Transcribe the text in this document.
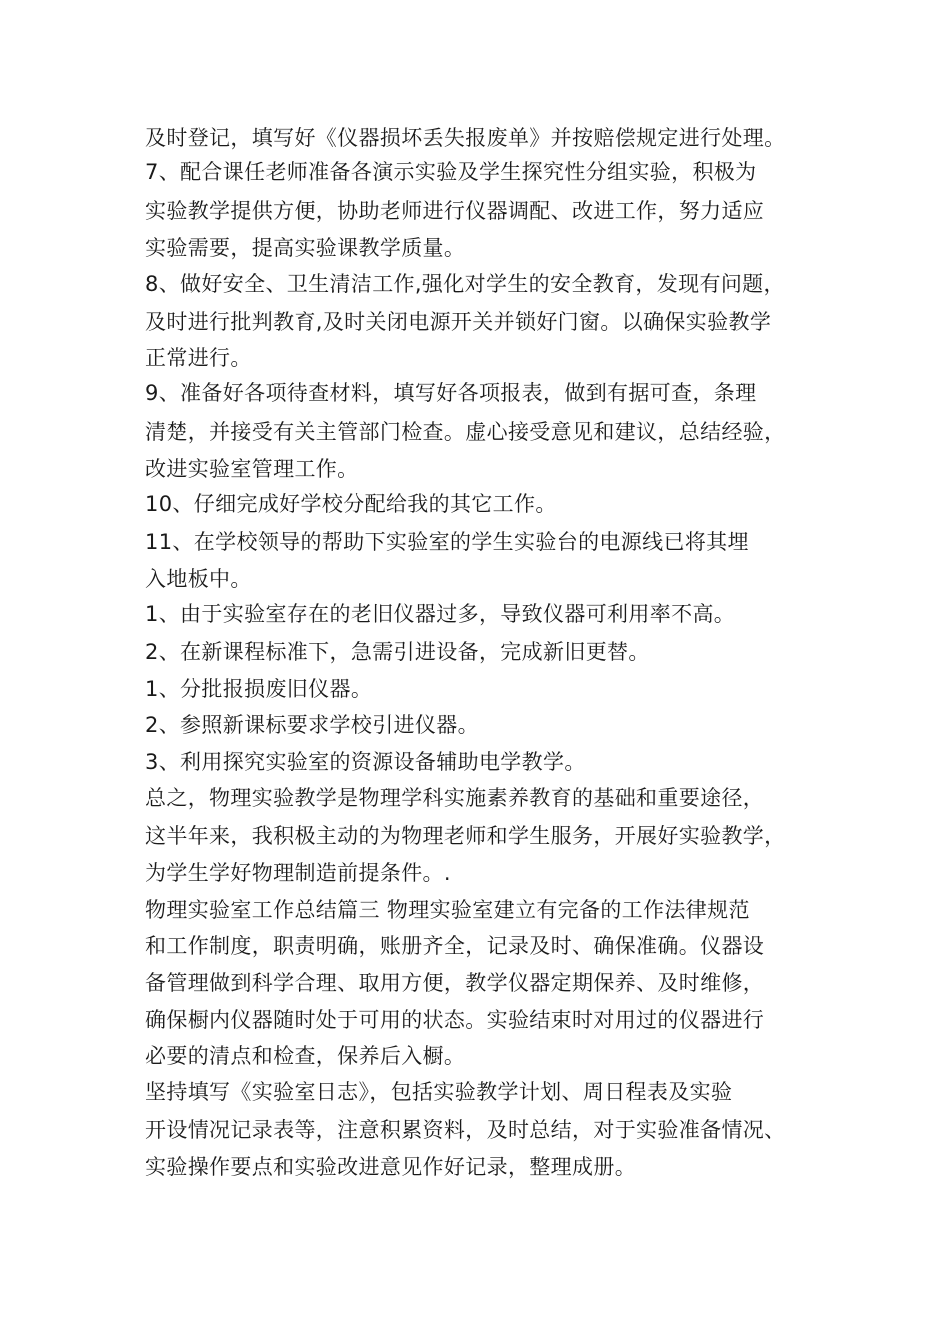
及时登记，填写好《仪器损坏丢失报废单》并按赔偿规定进行处理。

7、配合课任老师准备各演示实验及学生探究性分组实验，积极为

实验教学提供方便，协助老师进行仪器调配、改进工作，努力适应

实验需要，提高实验课教学质量。

8、做好安全、卫生清洁工作,强化对学生的安全教育，发现有问题，

及时进行批判教育,及时关闭电源开关并锁好门窗。以确保实验教学

正常进行。

9、准备好各项待查材料，填写好各项报表，做到有据可查，条理

清楚，并接受有关主管部门检查。虚心接受意见和建议，总结经验，

改进实验室管理工作。

10、仔细完成好学校分配给我的其它工作。

11、在学校领导的帮助下实验室的学生实验台的电源线已将其埋

入地板中。

1、由于实验室存在的老旧仪器过多，导致仪器可利用率不高。

2、在新课程标准下，急需引进设备，完成新旧更替。

1、分批报损废旧仪器。

2、参照新课标要求学校引进仪器。

3、利用探究实验室的资源设备辅助电学教学。

总之，物理实验教学是物理学科实施素养教育的基础和重要途径，

这半年来，我积极主动的为物理老师和学生服务，开展好实验教学，

为学生学好物理制造前提条件。.

物理实验室工作总结篇三 物理实验室建立有完备的工作法律规范

和工作制度，职责明确，账册齐全，记录及时、确保准确。仪器设

备管理做到科学合理、取用方便，教学仪器定期保养、及时维修，

确保橱内仪器随时处于可用的状态。实验结束时对用过的仪器进行

必要的清点和检查，保养后入橱。

坚持填写《实验室日志》，包括实验教学计划、周日程表及实验

开设情况记录表等，注意积累资料，及时总结，对于实验准备情况、

实验操作要点和实验改进意见作好记录，整理成册。
